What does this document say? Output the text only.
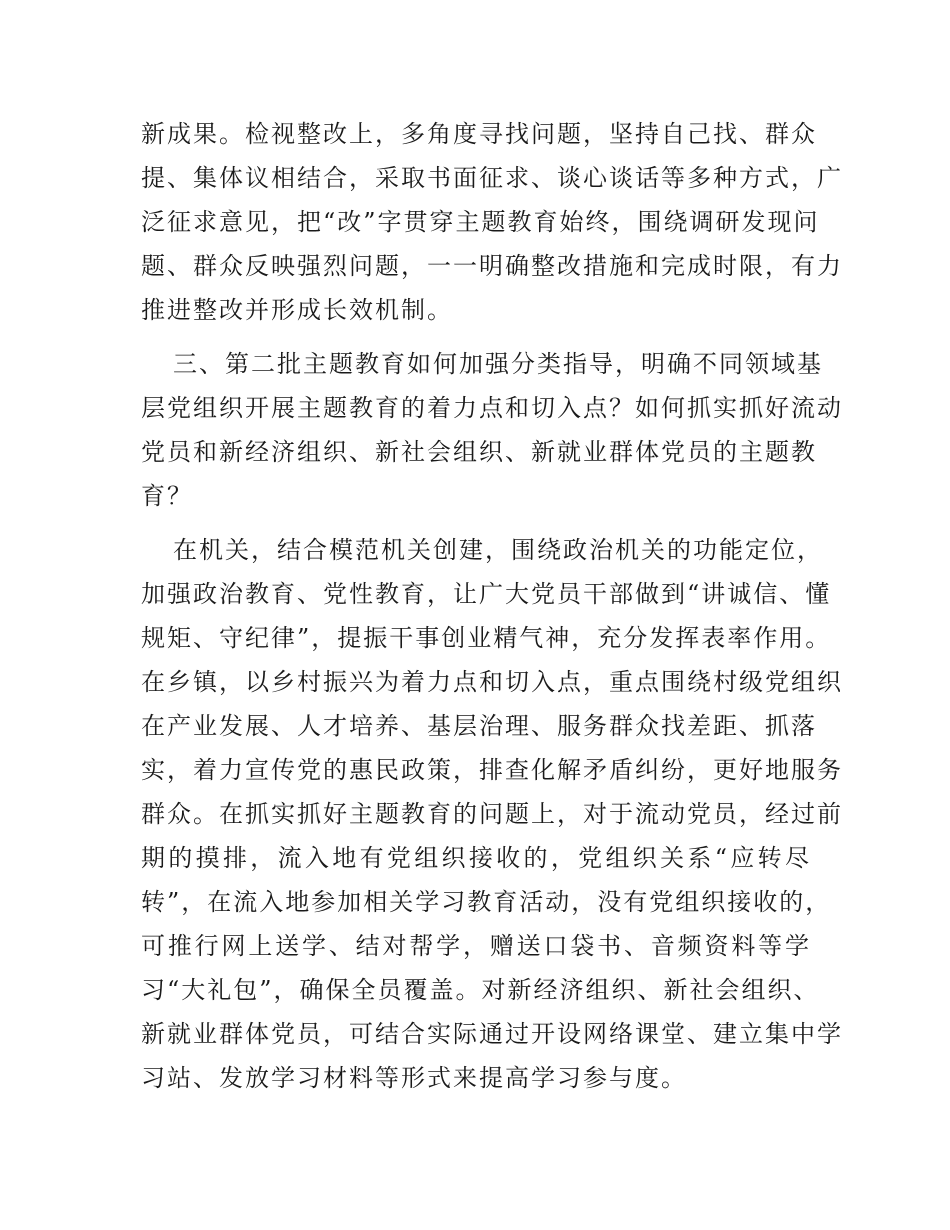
新成果。检视整改上，多角度寻找问题，坚持自己找、群众
提、集体议相结合，采取书面征求、谈心谈话等多种方式，广
泛征求意见，把“改”字贯穿主题教育始终，围绕调研发现问
题、群众反映强烈问题，一一明确整改措施和完成时限，有力
推进整改并形成长效机制。
三、第二批主题教育如何加强分类指导，明确不同领域基
层党组织开展主题教育的着力点和切入点？如何抓实抓好流动
党员和新经济组织、新社会组织、新就业群体党员的主题教
育？
在机关，结合模范机关创建，围绕政治机关的功能定位，
加强政治教育、党性教育，让广大党员干部做到“讲诚信、懂
规矩、守纪律”，提振干事创业精气神，充分发挥表率作用。
在乡镇，以乡村振兴为着力点和切入点，重点围绕村级党组织
在产业发展、人才培养、基层治理、服务群众找差距、抓落
实，着力宣传党的惠民政策，排查化解矛盾纠纷，更好地服务
群众。在抓实抓好主题教育的问题上，对于流动党员，经过前
期的摸排，流入地有党组织接收的，党组织关系“应转尽
转”，在流入地参加相关学习教育活动，没有党组织接收的，
可推行网上送学、结对帮学，赠送口袋书、音频资料等学
习“大礼包”，确保全员覆盖。对新经济组织、新社会组织、
新就业群体党员，可结合实际通过开设网络课堂、建立集中学
习站、发放学习材料等形式来提高学习参与度。
